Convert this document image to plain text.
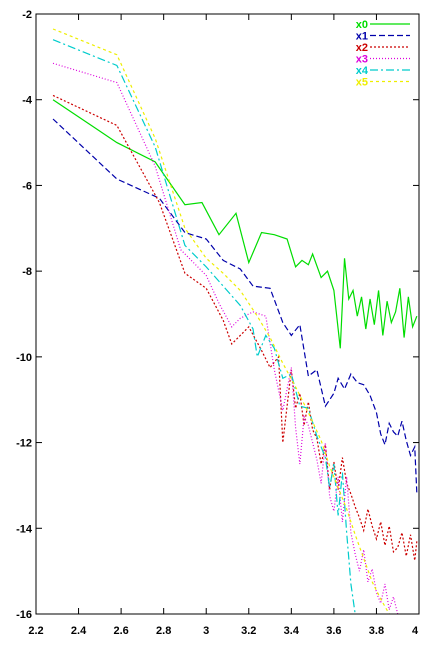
2.2 2.4 2.6 2.8	3	3.2 3.4 3.6 3.8	4
-2
-4
-6
-8
-10
-12
-14
-16
x0
x1
x2
x3
x4
x5
